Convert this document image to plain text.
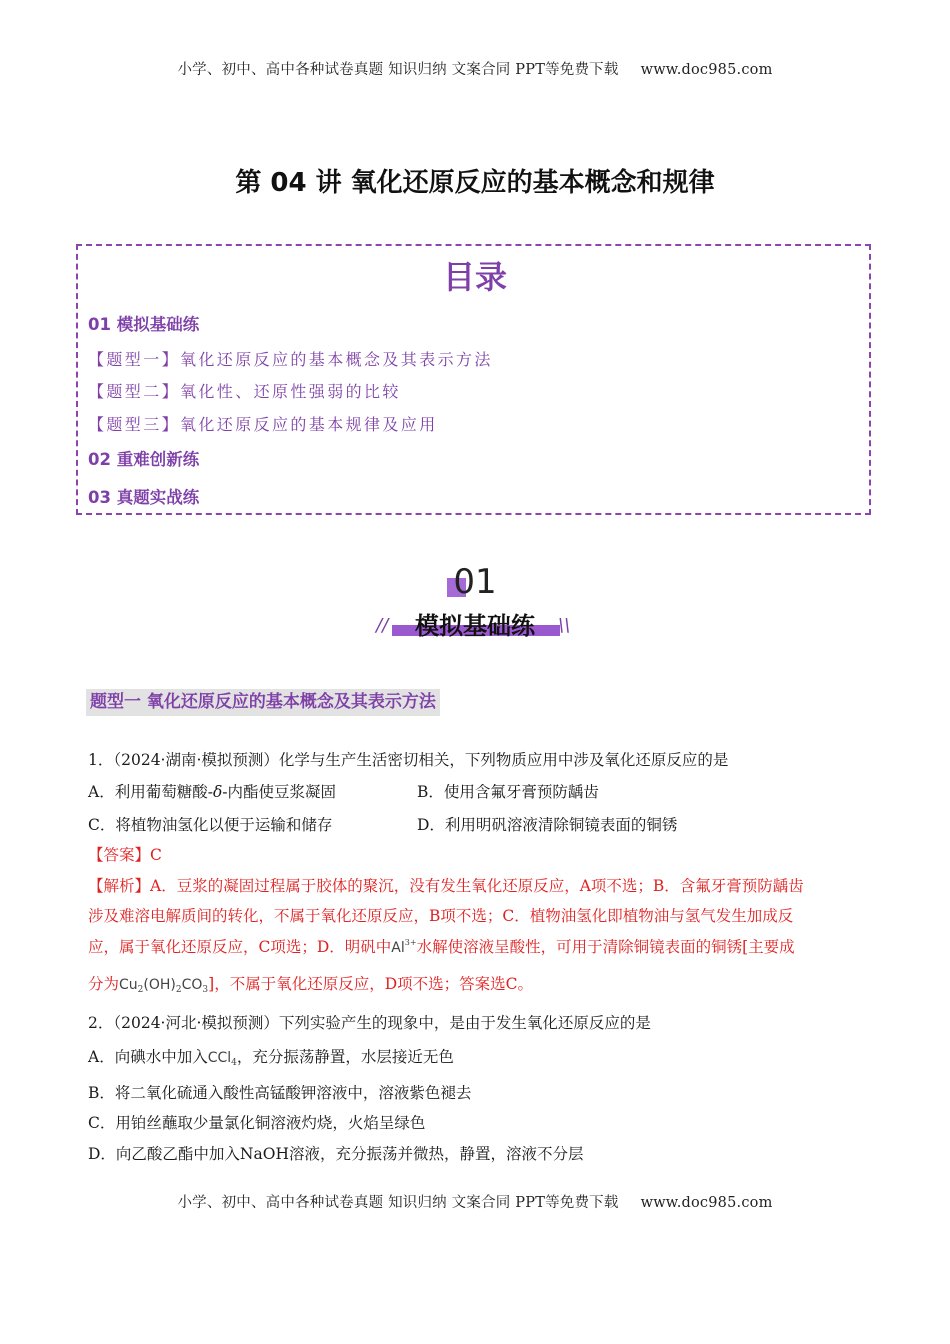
小学、初中、高中各种试卷真题 知识归纳 文案合同 PPT等免费下载 www.doc985.com
第 04 讲 氧化还原反应的基本概念和规律
目录
01 模拟基础练
【题型一】氧化还原反应的基本概念及其表示方法
【题型二】氧化性、还原性强弱的比较
【题型三】氧化还原反应的基本规律及应用
02 重难创新练
03 真题实战练
01
模拟基础练
//	\\
题型一 氧化还原反应的基本概念及其表示方法
1．（2024·湖南·模拟预测）化学与生产生活密切相关，下列物质应用中涉及氧化还原反应的是
A．利用葡萄糖酸-δ-内酯使豆浆凝固	B．使用含氟牙膏预防龋齿
C．将植物油氢化以便于运输和储存	D．利用明矾溶液清除铜镜表面的铜锈
【答案】C
【解析】A．豆浆的凝固过程属于胶体的聚沉，没有发生氧化还原反应，A项不选；B．含氟牙膏预防龋齿
涉及难溶电解质间的转化，不属于氧化还原反应，B项不选；C．植物油氢化即植物油与氢气发生加成反
应，属于氧化还原反应，C项选；D．明矾中$Al^{3+}$水解使溶液呈酸性，可用于清除铜镜表面的铜锈[主要成
分为$Cu_2(OH)_2CO_3$]，不属于氧化还原反应，D项不选；答案选C。
2．（2024·河北·模拟预测）下列实验产生的现象中，是由于发生氧化还原反应的是
A．向碘水中加入CCl$_4$，充分振荡静置，水层接近无色
B．将二氧化硫通入酸性高锰酸钾溶液中，溶液紫色褪去
C．用铂丝蘸取少量氯化铜溶液灼烧，火焰呈绿色
D．向乙酸乙酯中加入NaOH溶液，充分振荡并微热，静置，溶液不分层
小学、初中、高中各种试卷真题 知识归纳 文案合同 PPT等免费下载 www.doc985.com
